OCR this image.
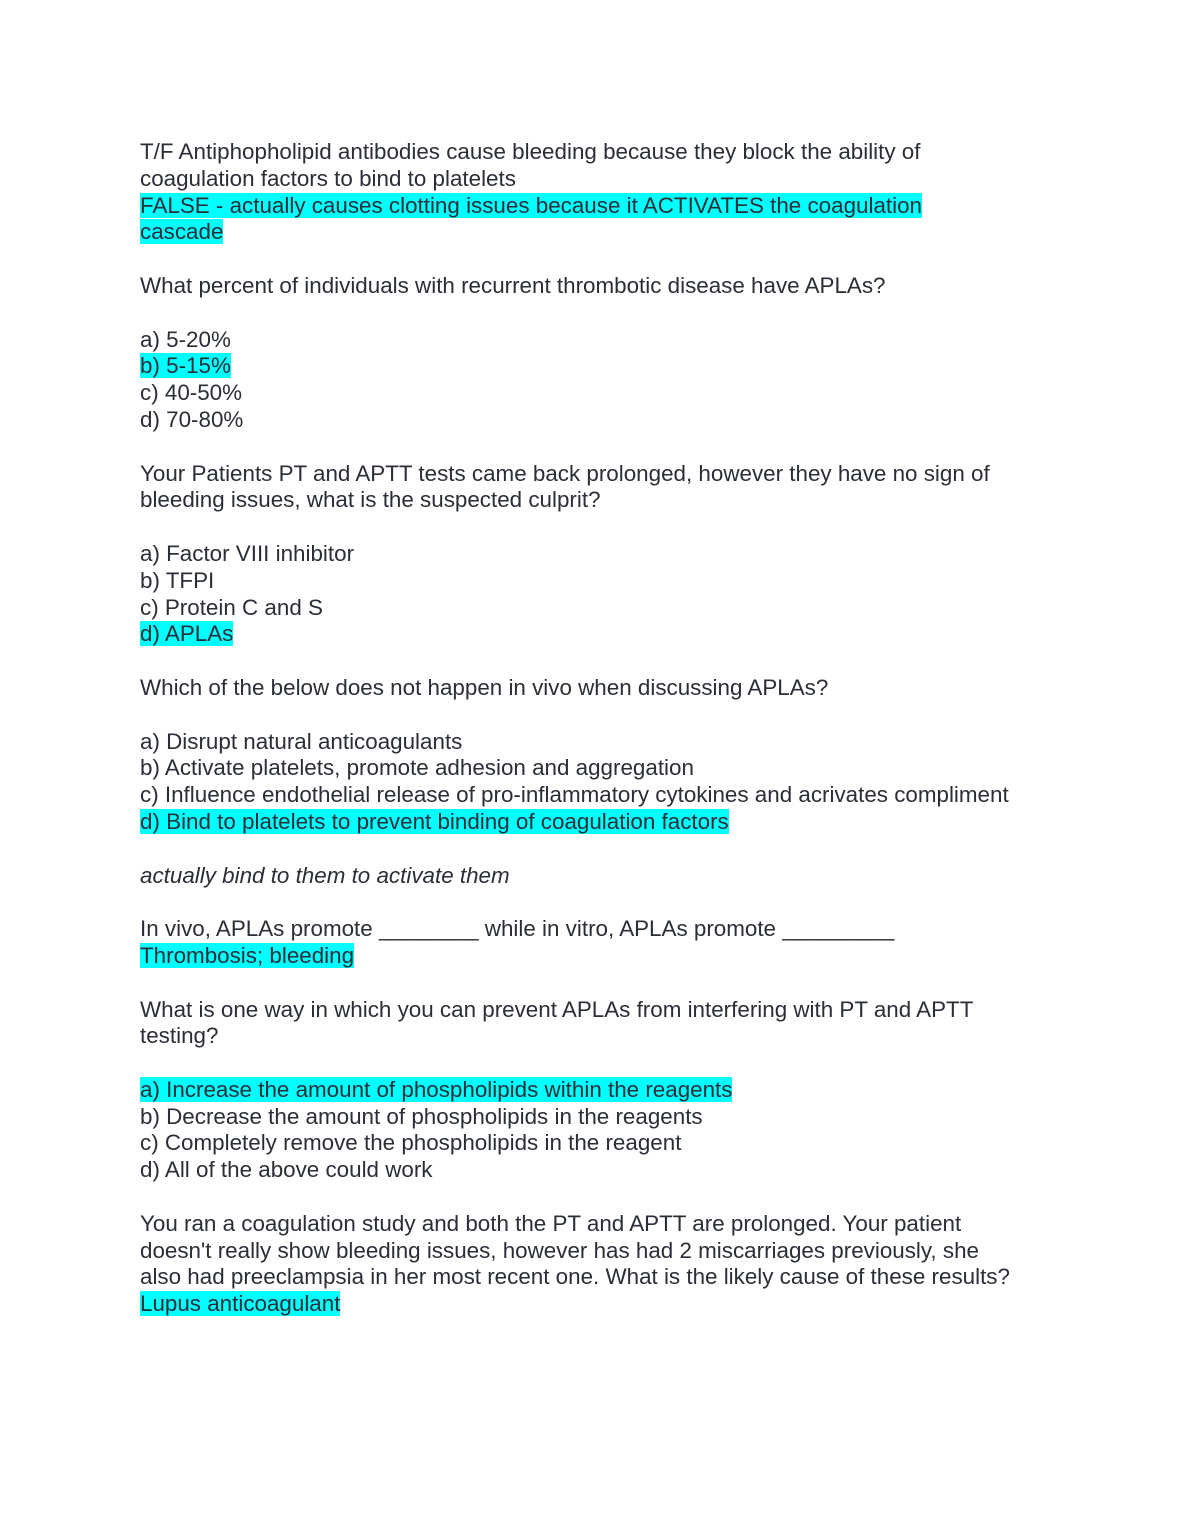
T/F Antiphopholipid antibodies cause bleeding because they block the ability of
coagulation factors to bind to platelets
FALSE - actually causes clotting issues because it ACTIVATES the coagulation
cascade
What percent of individuals with recurrent thrombotic disease have APLAs?
a) 5-20%
b) 5-15%
c) 40-50%
d) 70-80%
Your Patients PT and APTT tests came back prolonged, however they have no sign of
bleeding issues, what is the suspected culprit?
a) Factor VIII inhibitor
b) TFPI
c) Protein C and S
d) APLAs
Which of the below does not happen in vivo when discussing APLAs?
a) Disrupt natural anticoagulants
b) Activate platelets, promote adhesion and aggregation
c) Influence endothelial release of pro-inflammatory cytokines and acrivates compliment
d) Bind to platelets to prevent binding of coagulation factors
actually bind to them to activate them
In vivo, APLAs promote ________ while in vitro, APLAs promote _________
Thrombosis; bleeding
What is one way in which you can prevent APLAs from interfering with PT and APTT
testing?
a) Increase the amount of phospholipids within the reagents
b) Decrease the amount of phospholipids in the reagents
c) Completely remove the phospholipids in the reagent
d) All of the above could work
You ran a coagulation study and both the PT and APTT are prolonged. Your patient
doesn't really show bleeding issues, however has had 2 miscarriages previously, she
also had preeclampsia in her most recent one. What is the likely cause of these results?
Lupus anticoagulant
